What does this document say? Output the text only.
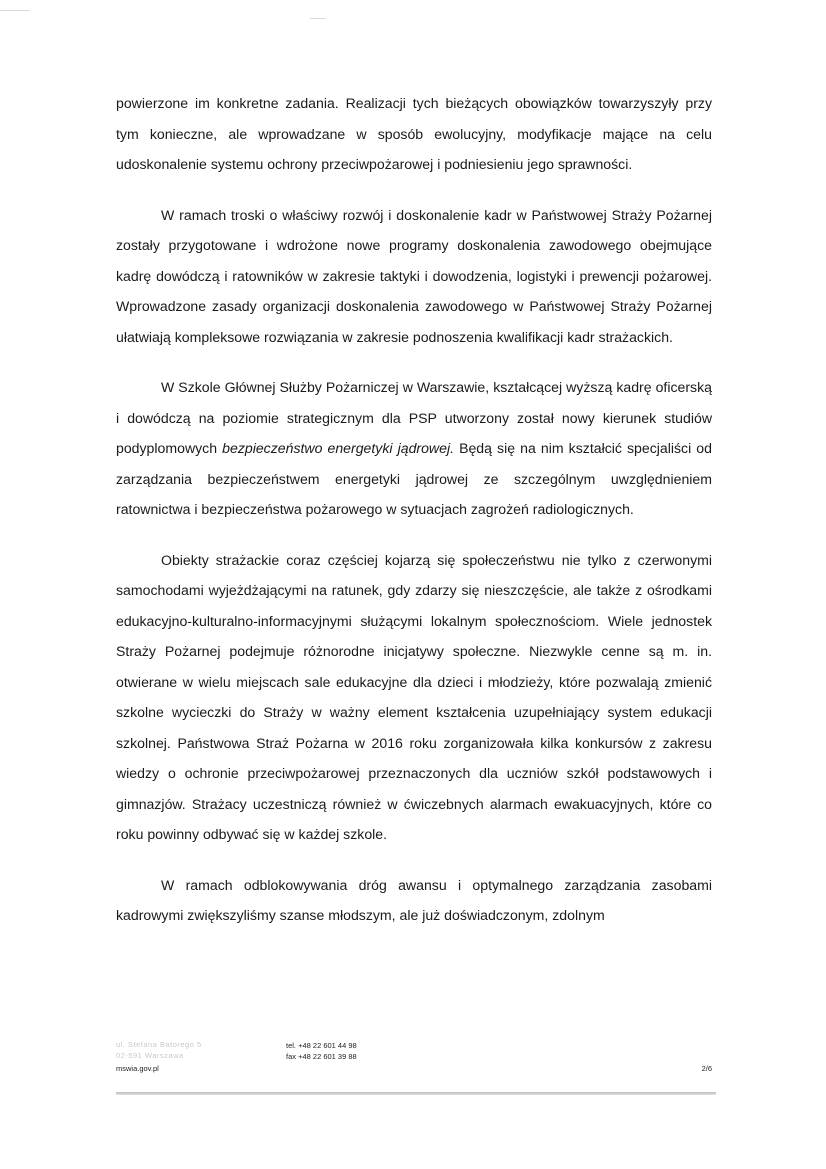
powierzone im konkretne zadania. Realizacji tych bieżących obowiązków towarzyszyły przy tym konieczne, ale wprowadzane w sposób ewolucyjny, modyfikacje mające na celu udoskonalenie systemu ochrony przeciwpożarowej i podniesieniu jego sprawności.

W ramach troski o właściwy rozwój i doskonalenie kadr w Państwowej Straży Pożarnej zostały przygotowane i wdrożone nowe programy doskonalenia zawodowego obejmujące kadrę dowódczą i ratowników w zakresie taktyki i dowodzenia, logistyki i prewencji pożarowej. Wprowadzone zasady organizacji doskonalenia zawodowego w Państwowej Straży Pożarnej ułatwiają kompleksowe rozwiązania w zakresie podnoszenia kwalifikacji kadr strażackich.

W Szkole Głównej Służby Pożarniczej w Warszawie, kształcącej wyższą kadrę oficerską i dowódczą na poziomie strategicznym dla PSP utworzony został nowy kierunek studiów podyplomowych bezpieczeństwo energetyki jądrowej. Będą się na nim kształcić specjaliści od zarządzania bezpieczeństwem energetyki jądrowej ze szczególnym uwzględnieniem ratownictwa i bezpieczeństwa pożarowego w sytuacjach zagrożeń radiologicznych.

Obiekty strażackie coraz częściej kojarzą się społeczeństwu nie tylko z czerwonymi samochodami wyjeżdżającymi na ratunek, gdy zdarzy się nieszczęście, ale także z ośrodkami edukacyjno-kulturalno-informacyjnymi służącymi lokalnym społecznościom. Wiele jednostek Straży Pożarnej podejmuje różnorodne inicjatywy społeczne. Niezwykle cenne są m. in. otwierane w wielu miejscach sale edukacyjne dla dzieci i młodzieży, które pozwalają zmienić szkolne wycieczki do Straży w ważny element kształcenia uzupełniający system edukacji szkolnej. Państwowa Straż Pożarna w 2016 roku zorganizowała kilka konkursów z zakresu wiedzy o ochronie przeciwpożarowej przeznaczonych dla uczniów szkół podstawowych i gimnazjów. Strażacy uczestniczą również w ćwiczebnych alarmach ewakuacyjnych, które co roku powinny odbywać się w każdej szkole.

W ramach odblokowywania dróg awansu i optymalnego zarządzania zasobami kadrowymi zwiększyliśmy szanse młodszym, ale już doświadczonym, zdolnym

ul. Stefana Batorego 5
02-591 Warszawa
tel. +48 22 601 44 98
fax +48 22 601 39 88
mswia.gov.pl	2/6
